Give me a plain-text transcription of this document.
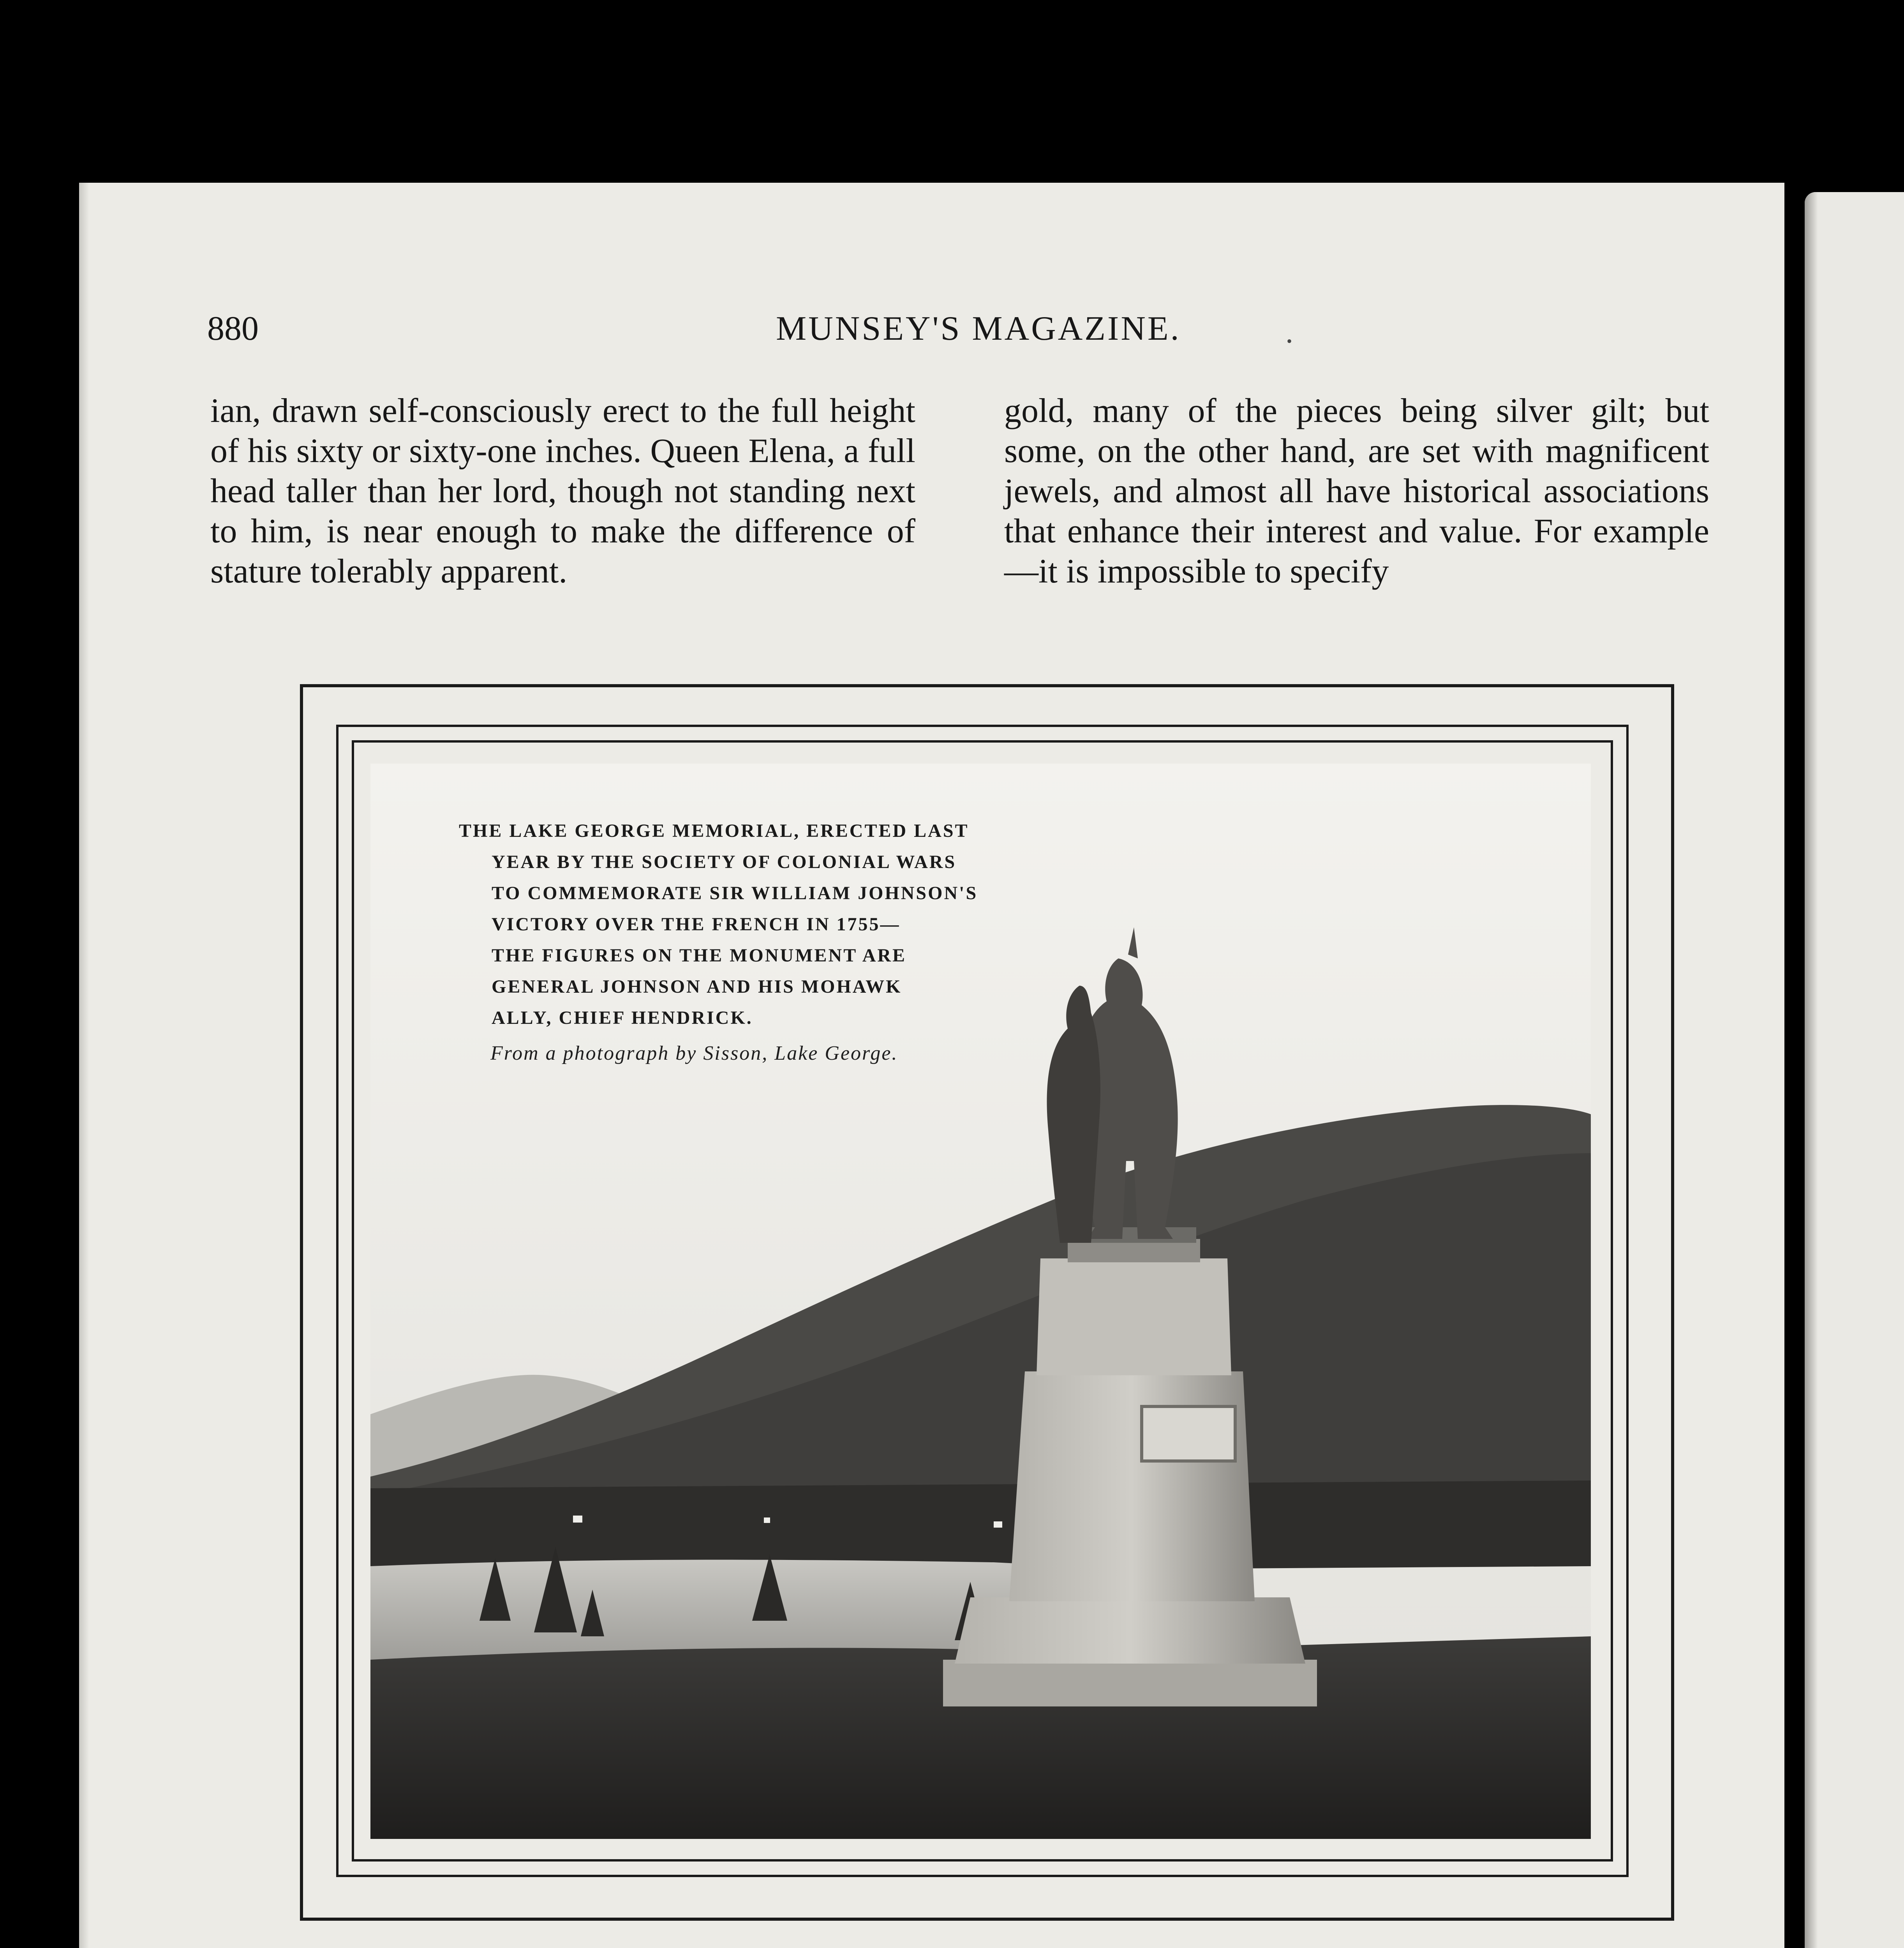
880	MUNSEY'S MAGAZINE.	•

ian, drawn self-consciously erect to the full height of his sixty or sixty-one inches. Queen Elena, a full head taller than her lord, though not standing next to him, is near enough to make the difference of stature tolerably apparent.

gold, many of the pieces being silver gilt; but some, on the other hand, are set with magnificent jewels, and almost all have historical associations that enhance their interest and value. For example—it is impossible to specify

THE LAKE GEORGE MEMORIAL, ERECTED LAST
YEAR BY THE SOCIETY OF COLONIAL WARS
TO COMMEMORATE SIR WILLIAM JOHNSON'S
VICTORY OVER THE FRENCH IN 1755—
THE FIGURES ON THE MONUMENT ARE
GENERAL JOHNSON AND HIS MOHAWK
ALLY, CHIEF HENDRICK.
From a photograph by Sisson, Lake George.
